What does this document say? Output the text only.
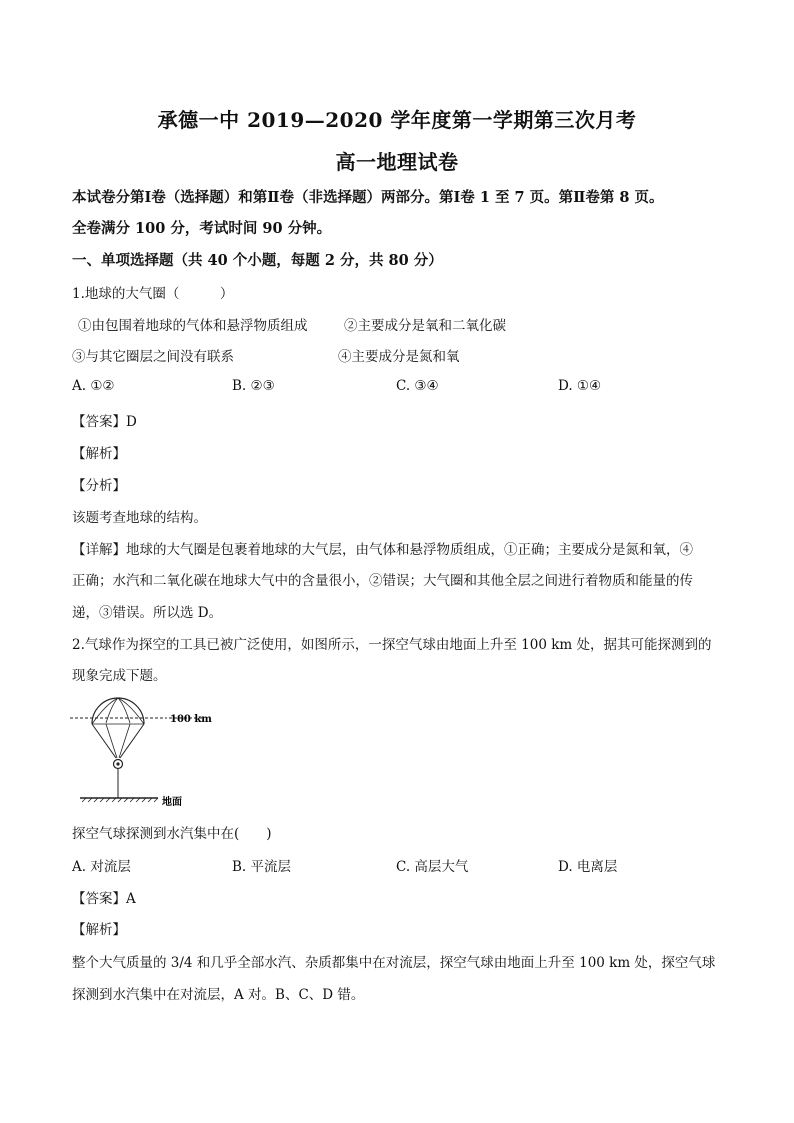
承德一中 2019—2020 学年度第一学期第三次月考
高一地理试卷
本试卷分第Ⅰ卷（选择题）和第Ⅱ卷（非选择题）两部分。第Ⅰ卷 1 至 7 页。第Ⅱ卷第 8 页。
全卷满分 100 分，考试时间 90 分钟。
一、单项选择题（共 40 个小题，每题 2 分，共 80 分）
1.地球的大气圈（　　　）
①由包围着地球的气体和悬浮物质组成	②主要成分是氧和二氧化碳
③与其它圈层之间没有联系	④主要成分是氮和氧
A. ①②	B. ②③	C. ③④	D. ①④
【答案】D
【解析】
【分析】
该题考查地球的结构。
【详解】地球的大气圈是包裹着地球的大气层，由气体和悬浮物质组成，①正确；主要成分是氮和氧，④
正确；水汽和二氧化碳在地球大气中的含量很小，②错误；大气圈和其他全层之间进行着物质和能量的传
递，③错误。所以选 D。
2.气球作为探空的工具已被广泛使用，如图所示，一探空气球由地面上升至 100 km 处，据其可能探测到的
现象完成下题。
100 km
地面
探空气球探测到水汽集中在(　　)
A. 对流层	B. 平流层	C. 高层大气	D. 电离层
【答案】A
【解析】
整个大气质量的 3/4 和几乎全部水汽、杂质都集中在对流层，探空气球由地面上升至 100 km 处，探空气球
探测到水汽集中在对流层，A 对。B、C、D 错。
